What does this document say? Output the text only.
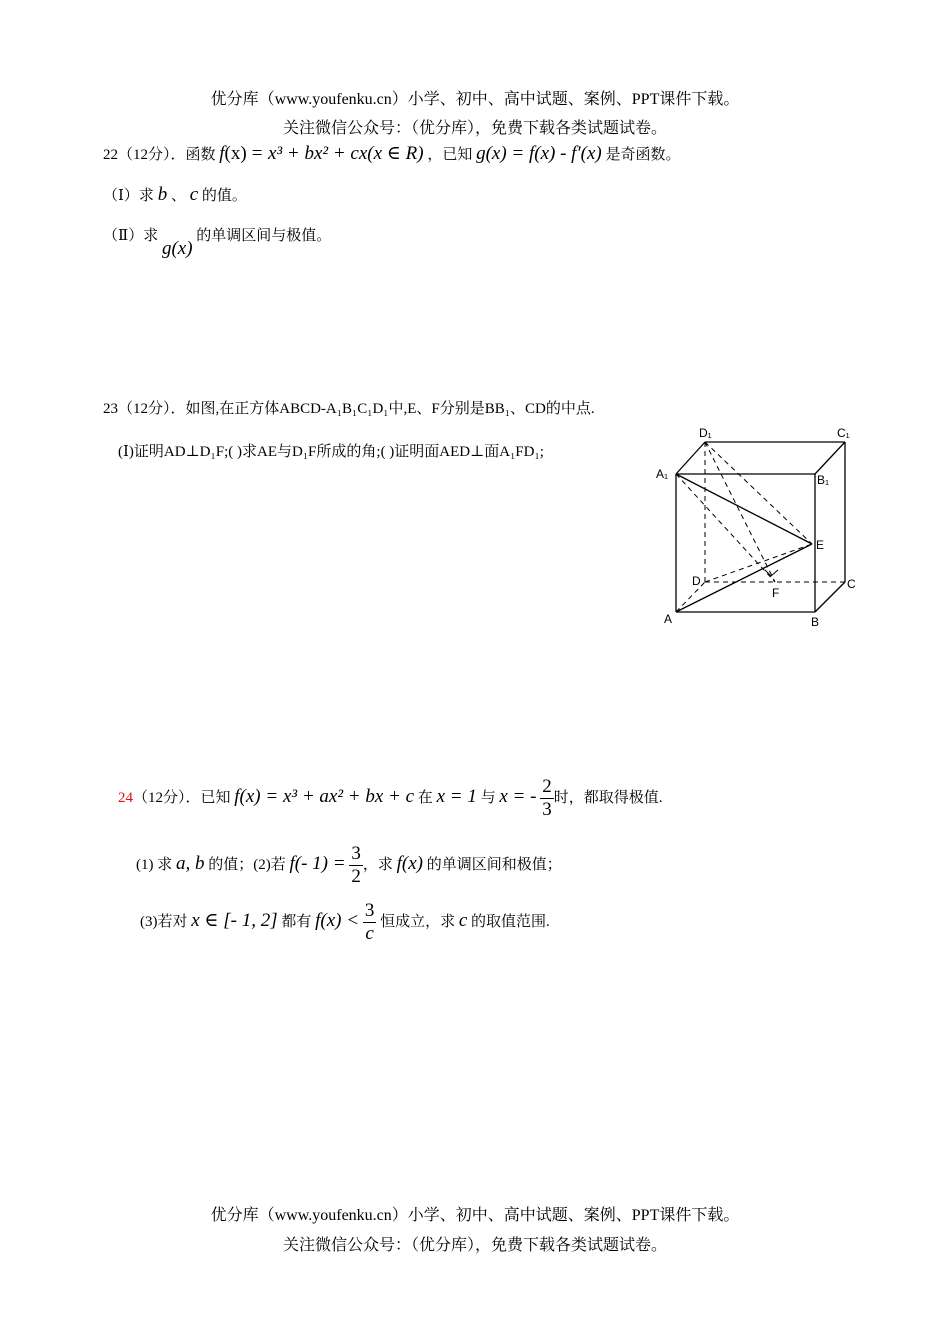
优分库（www.youfenku.cn）小学、初中、高中试题、案例、PPT课件下载。
关注微信公众号：（优分库），免费下载各类试题试卷。
22（12分）．函数 f(x) = x³ + bx² + cx(x ∈ R) ，已知 g(x) = f(x) - f′(x) 是奇函数。
（Ⅰ）求 b 、 c 的值。
（Ⅱ）求 g(x) 的单调区间与极值。
23（12分）．如图,在正方体ABCD-A₁B₁C₁D₁中,E、F分别是BB₁、CD的中点.
(Ⅰ)证明AD⊥D₁F;( )求AE与D₁F所成的角;( )证明面AED⊥面A₁FD₁;
D₁	C₁
A₁	B₁
E
D
F
C
A	B
24（12分）．已知 f(x) = x³ + ax² + bx + c 在 x = 1 与 x = - $\frac{2}{3}$ 时，都取得极值.
(1) 求 a, b 的值；(2)若 f(- $1) = \frac{3}{2}$ ，求 f(x) 的单调区间和极值；
(3)若对 x ∈ [- 1, 2] 都有 $f(x) < \frac{3}{c}$ 恒成立，求 c 的取值范围.
优分库（www.youfenku.cn）小学、初中、高中试题、案例、PPT课件下载。
关注微信公众号：（优分库），免费下载各类试题试卷。
